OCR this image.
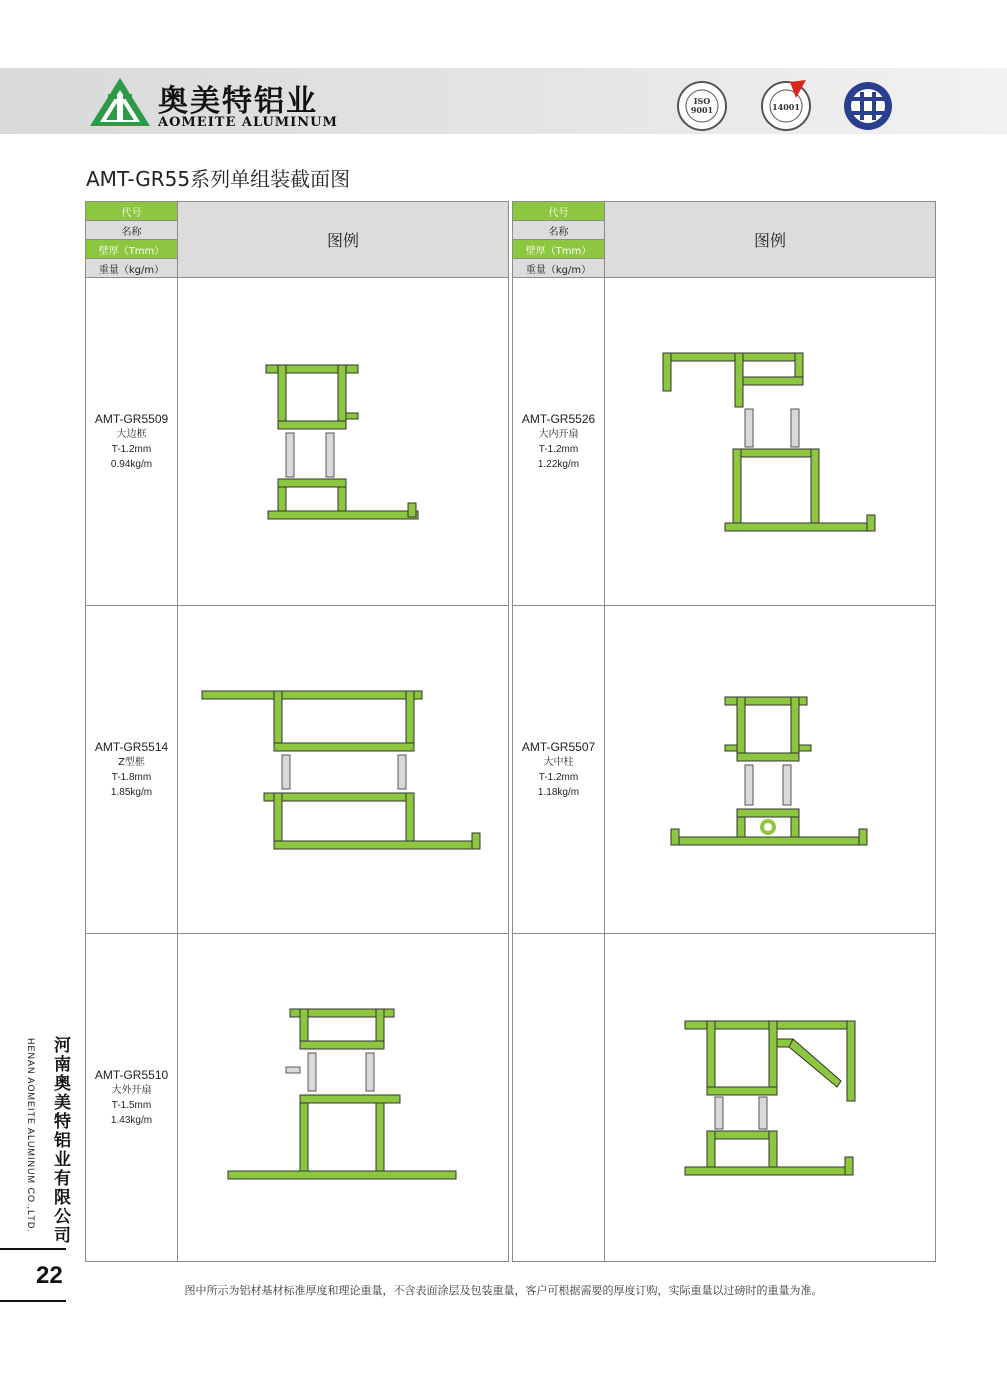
奥美特铝业
AOMEITE ALUMINUM
ISO
9001	14001
AMT-GR55系列单组装截面图
代号	图例
名称	
壁厚（Tmm）	
重量（kg/m）	

AMT-GR5509
大边框
T-1.2mm
0.94kg/m

AMT-GR5514
Z型框
T-1.8mm
1.85kg/m

AMT-GR5510
大外开扇
T-1.5mm
1.43kg/m

代号	图例
名称	
壁厚（Tmm）	
重量（kg/m）	

AMT-GR5526
大内开扇
T-1.2mm
1.22kg/m

AMT-GR5507
大中柱
T-1.2mm
1.18kg/m

河南奥美特铝业有限公司
HENAN AOMEITE ALUMINUM CO.,LTD.
22
图中所示为铝材基材标准厚度和理论重量，不含表面涂层及包装重量，客户可根据需要的厚度订购，实际重量以过磅时的重量为准。
